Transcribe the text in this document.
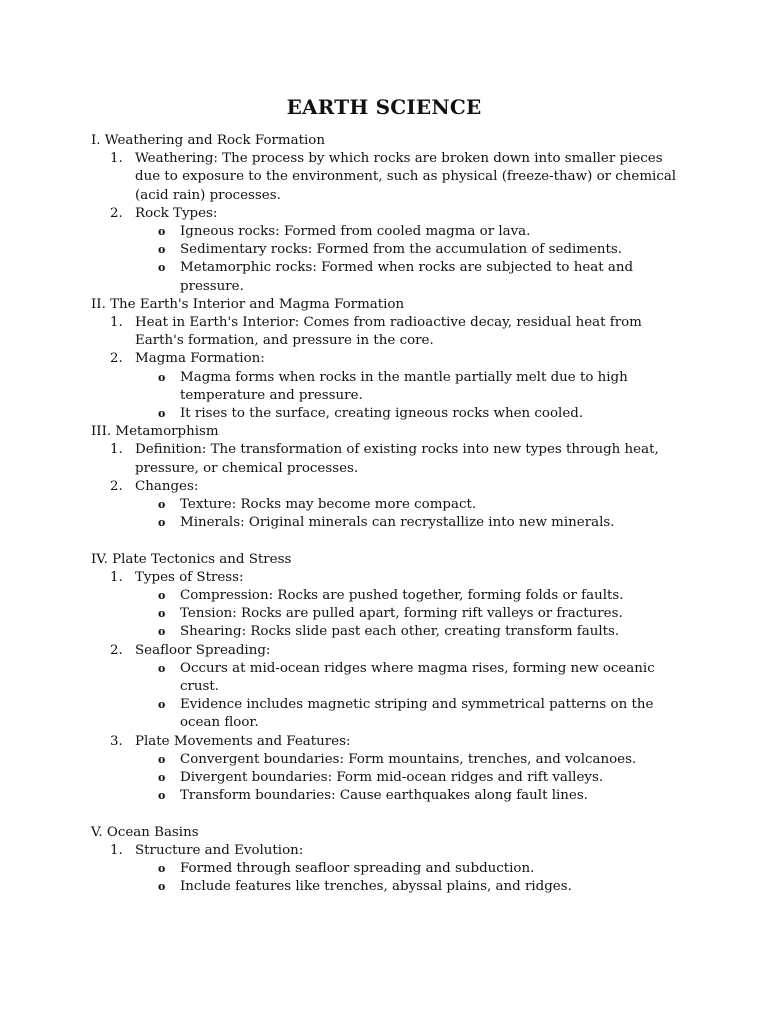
EARTH SCIENCE
I. Weathering and Rock Formation
1. Weathering: The process by which rocks are broken down into smaller pieces due to exposure to the environment, such as physical (freeze-thaw) or chemical (acid rain) processes.
2. Rock Types:
o Igneous rocks: Formed from cooled magma or lava.
o Sedimentary rocks: Formed from the accumulation of sediments.
o Metamorphic rocks: Formed when rocks are subjected to heat and pressure.
II. The Earth's Interior and Magma Formation
1. Heat in Earth's Interior: Comes from radioactive decay, residual heat from Earth's formation, and pressure in the core.
2. Magma Formation:
o Magma forms when rocks in the mantle partially melt due to high temperature and pressure.
o It rises to the surface, creating igneous rocks when cooled.
III. Metamorphism
1. Definition: The transformation of existing rocks into new types through heat, pressure, or chemical processes.
2. Changes:
o Texture: Rocks may become more compact.
o Minerals: Original minerals can recrystallize into new minerals.
IV. Plate Tectonics and Stress
1. Types of Stress:
o Compression: Rocks are pushed together, forming folds or faults.
o Tension: Rocks are pulled apart, forming rift valleys or fractures.
o Shearing: Rocks slide past each other, creating transform faults.
2. Seafloor Spreading:
o Occurs at mid-ocean ridges where magma rises, forming new oceanic crust.
o Evidence includes magnetic striping and symmetrical patterns on the ocean floor.
3. Plate Movements and Features:
o Convergent boundaries: Form mountains, trenches, and volcanoes.
o Divergent boundaries: Form mid-ocean ridges and rift valleys.
o Transform boundaries: Cause earthquakes along fault lines.
V. Ocean Basins
1. Structure and Evolution:
o Formed through seafloor spreading and subduction.
o Include features like trenches, abyssal plains, and ridges.
